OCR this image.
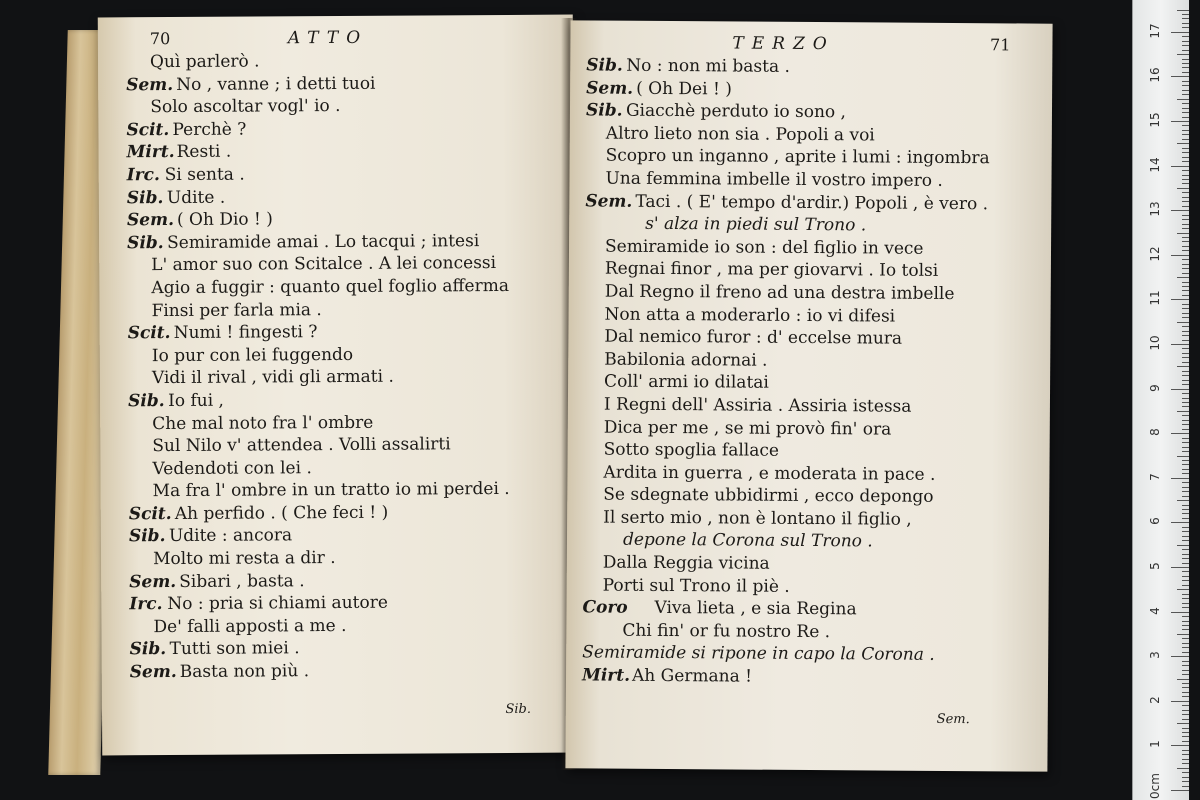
70	ATTO
Quì parlerò .
Sem. No , vanne ; i detti tuoi
Solo ascoltar vogl' io .
Scit. Perchè ?
Mirt. Resti .
Irc. Si senta .
Sib. Udite .
Sem. ( Oh Dio ! )
Sib. Semiramide amai . Lo tacqui ; intesi
L' amor suo con Scitalce . A lei concessi
Agio a fuggir : quanto quel foglio afferma
Finsi per farla mia .
Scit. Numi ! fingesti ?
Io pur con lei fuggendo
Vidi il rival , vidi gli armati .
Sib. Io fui ,
Che mal noto fra l' ombre
Sul Nilo v' attendea . Volli assalirti
Vedendoti con lei .
Ma fra l' ombre in un tratto io mi perdei .
Scit. Ah perfido . ( Che feci ! )
Sib. Udite : ancora
Molto mi resta a dir .
Sem. Sibari , basta .
Irc. No : pria si chiami autore
De' falli apposti a me .
Sib. Tutti son miei .
Sem. Basta non più .
Sib.
TERZO	71
Sib. No : non mi basta .
Sem. ( Oh Dei ! )
Sib. Giacchè perduto io sono ,
Altro lieto non sia . Popoli a voi
Scopro un inganno , aprite i lumi : ingombra
Una femmina imbelle il vostro impero .
Sem. Taci . ( E' tempo d'ardir.) Popoli , è vero .
s' alza in piedi sul Trono .
Semiramide io son : del figlio in vece
Regnai finor , ma per giovarvi . Io tolsi
Dal Regno il freno ad una destra imbelle
Non atta a moderarlo : io vi difesi
Dal nemico furor : d' eccelse mura
Babilonia adornai .
Coll' armi io dilatai
I Regni dell' Assiria . Assiria istessa
Dica per me , se mi provò fin' ora
Sotto spoglia fallace
Ardita in guerra , e moderata in pace .
Se sdegnate ubbidirmi , ecco depongo
Il serto mio , non è lontano il figlio ,
depone la Corona sul Trono .
Dalla Reggia vicina
Porti sul Trono il piè .
Coro Viva lieta , e sia Regina
Chi fin' or fu nostro Re .
Semiramide si ripone in capo la Corona .
Mirt. Ah Germana !
Sem.
0cm
1
2
3
4
5
6
7
8
9
10
11
12
13
14
15
16
17
